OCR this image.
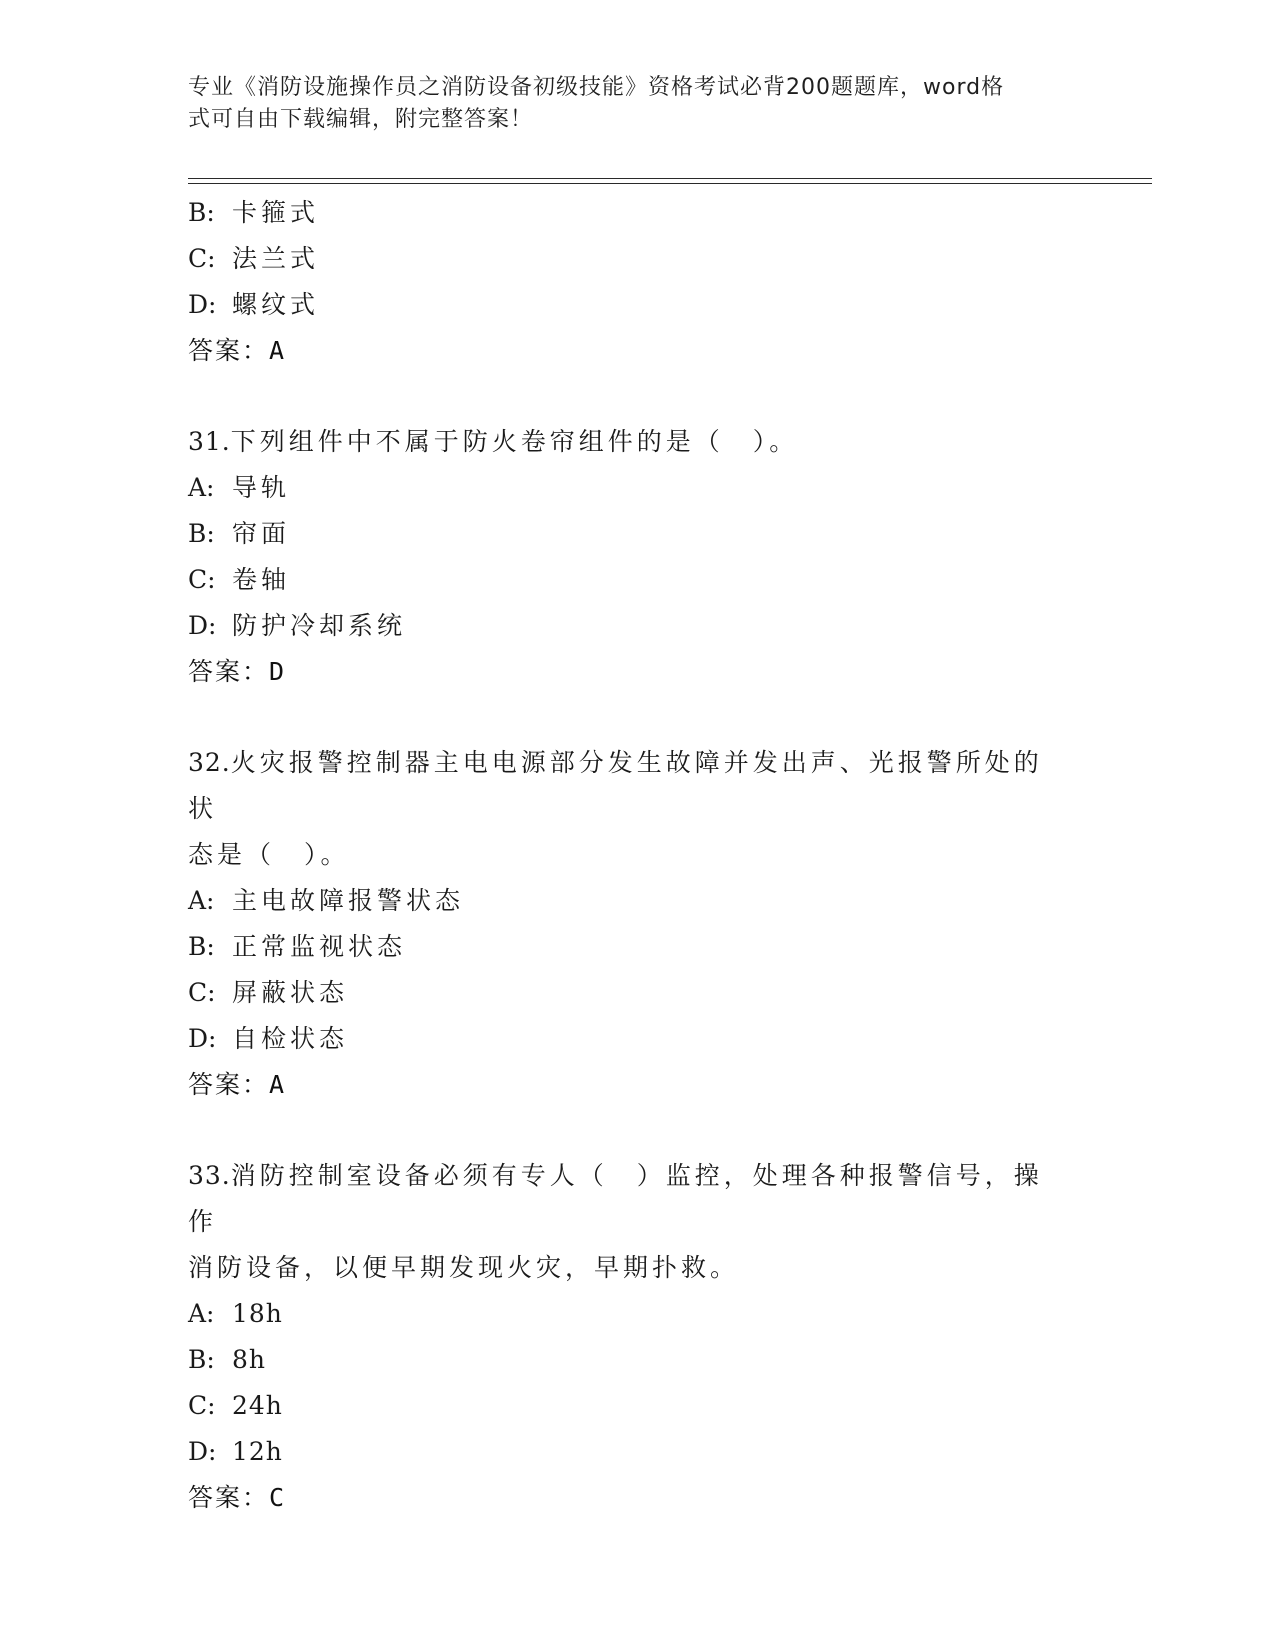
专业《消防设施操作员之消防设备初级技能》资格考试必背200题题库，word格
式可自由下载编辑，附完整答案！
B: 卡箍式
C: 法兰式
D: 螺纹式
答案：A
31.下列组件中不属于防火卷帘组件的是（　）。
A: 导轨
B: 帘面
C: 卷轴
D: 防护冷却系统
答案：D
32.火灾报警控制器主电电源部分发生故障并发出声、光报警所处的状
态是（　）。
A: 主电故障报警状态
B: 正常监视状态
C: 屏蔽状态
D: 自检状态
答案：A
33.消防控制室设备必须有专人（　）监控，处理各种报警信号，操作
消防设备，以便早期发现火灾，早期扑救。
A: 18h
B: 8h
C: 24h
D: 12h
答案：C
